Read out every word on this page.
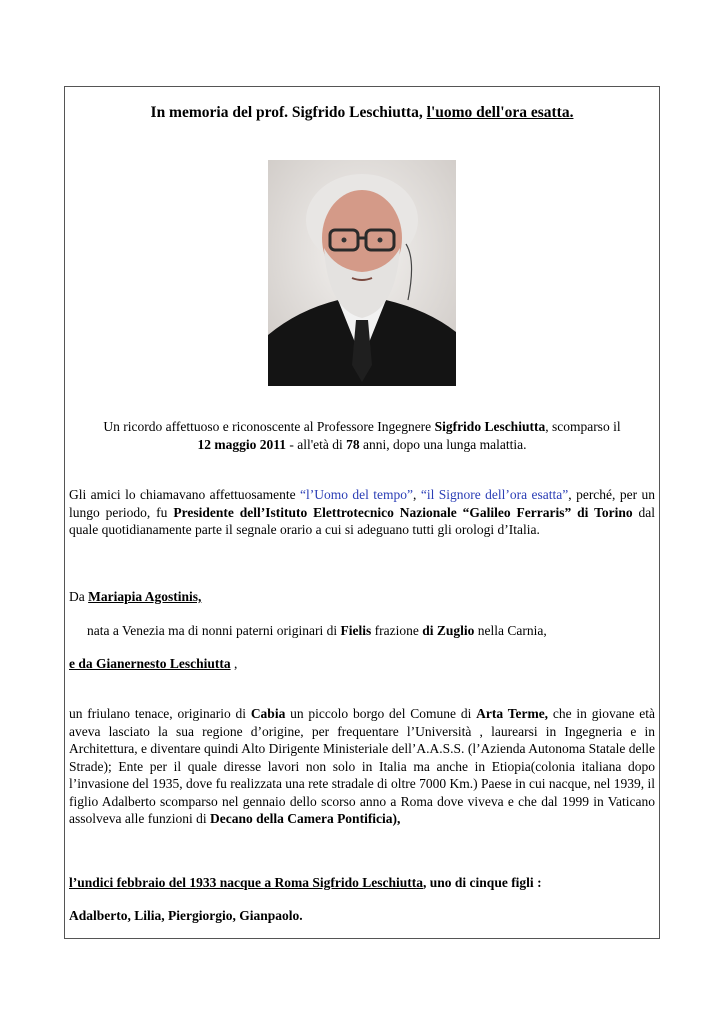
In memoria del prof. Sigfrido Leschiutta, l'uomo dell'ora esatta.
Un ricordo affettuoso e riconoscente al Professore Ingegnere Sigfrido Leschiutta, scomparso il
12 maggio 2011 - all'età di 78 anni, dopo una lunga malattia.
Gli amici lo chiamavano affettuosamente “l’Uomo del tempo”, “il Signore dell’ora esatta”, perché, per un lungo periodo, fu Presidente dell’Istituto Elettrotecnico Nazionale “Galileo Ferraris” di Torino dal quale quotidianamente parte il segnale orario a cui si adeguano tutti gli orologi d’Italia.
Da Mariapia Agostinis,
nata a Venezia ma di nonni paterni originari di Fielis frazione di Zuglio nella Carnia,
e da Gianernesto Leschiutta ,
un friulano tenace, originario di Cabia un piccolo borgo del Comune di Arta Terme, che in giovane età aveva lasciato la sua regione d’origine, per frequentare l’Università , laurearsi in Ingegneria e in Architettura, e diventare quindi Alto Dirigente Ministeriale dell’A.A.S.S. (l’Azienda Autonoma Statale delle Strade); Ente per il quale diresse lavori non solo in Italia ma anche in Etiopia(colonia italiana dopo l’invasione del 1935, dove fu realizzata una rete stradale di oltre 7000 Km.) Paese in cui nacque, nel 1939, il figlio Adalberto scomparso nel gennaio dello scorso anno a Roma dove viveva e che dal 1999 in Vaticano assolveva alle funzioni di Decano della Camera Pontificia),
l’undici febbraio del 1933 nacque a Roma Sigfrido Leschiutta, uno di cinque figli :
Adalberto, Lilia, Piergiorgio, Gianpaolo.
